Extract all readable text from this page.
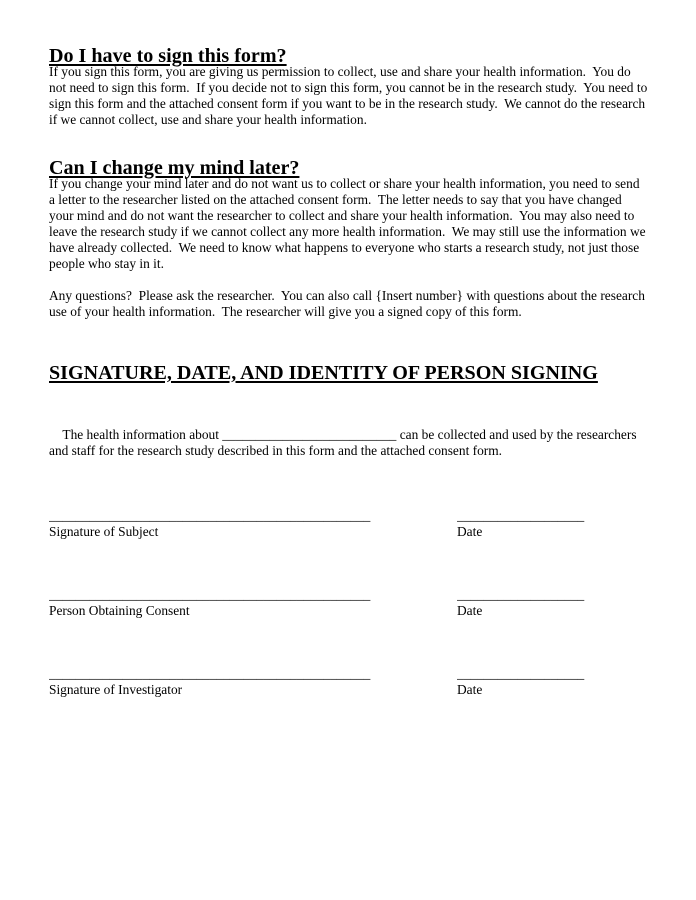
Do I have to sign this form?

If you sign this form, you are giving us permission to collect, use and share your health information.  You do not need to sign this form.  If you decide not to sign this form, you cannot be in the research study.  You need to sign this form and the attached consent form if you want to be in the research study.  We cannot do the research if we cannot collect, use and share your health information.

Can I change my mind later?

If you change your mind later and do not want us to collect or share your health information, you need to send a letter to the researcher listed on the attached consent form.  The letter needs to say that you have changed your mind and do not want the researcher to collect and share your health information.  You may also need to leave the research study if we cannot collect any more health information.  We may still use the information we have already collected.  We need to know what happens to everyone who starts a research study, not just those people who stay in it.

Any questions?  Please ask the researcher.  You can also call {Insert number} with questions about the research use of your health information.  The researcher will give you a signed copy of this form.

SIGNATURE, DATE, AND IDENTITY OF PERSON SIGNING

The health information about __________________________ can be collected and used by the researchers and staff for the research study described in this form and the attached consent form.

________________________________________________
Signature of Subject
___________________
Date
________________________________________________
Person Obtaining Consent
___________________
Date
________________________________________________
Signature of Investigator
___________________
Date
